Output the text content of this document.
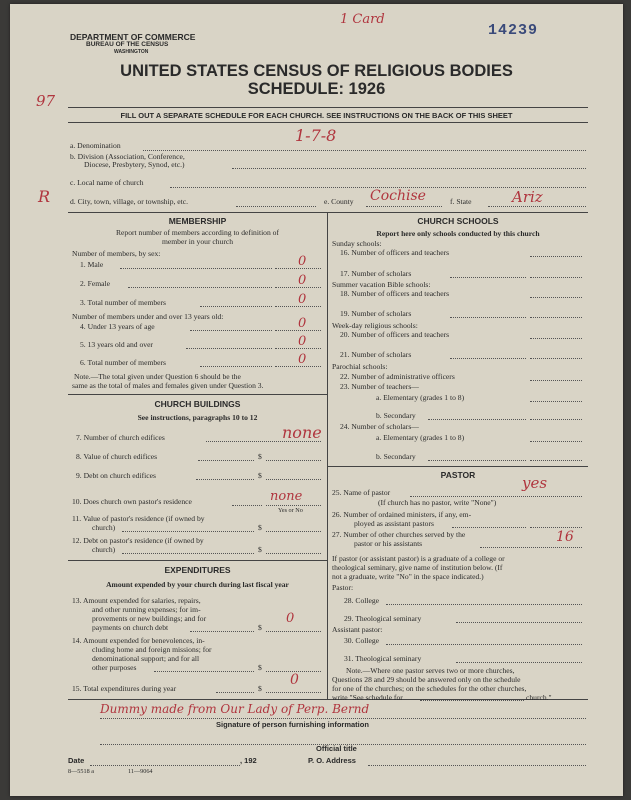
DEPARTMENT OF COMMERCE
BUREAU OF THE CENSUS
WASHINGTON
14239
1 Card
UNITED STATES CENSUS OF RELIGIOUS BODIES
SCHEDULE: 1926
97
FILL OUT A SEPARATE SCHEDULE FOR EACH CHURCH. SEE INSTRUCTIONS ON THE BACK OF THIS SHEET
a. Denomination
1-7-8
b. Division (Association, Conference,
Diocese, Presbytery, Synod, etc.)
c. Local name of church
R	d. City, town, village, or township, etc.	e. County Cochise	f. State	Ariz
MEMBERSHIP
Report number of members according to definition of
member in your church
Number of members, by sex:
1. Male	0
2. Female	0
3. Total number of members	0
Number of members under and over 13 years old:
4. Under 13 years of age	0
5. 13 years old and over	0
6. Total number of members	0
Note.—The total given under Question 6 should be the
same as the total of males and females given under Question 3.
CHURCH BUILDINGS
See instructions, paragraphs 10 to 12
7. Number of church edifices	none
8. Value of church edifices	$
9. Debt on church edifices	$
10. Does church own pastor's residence	none
Yes or No
11. Value of pastor's residence (if owned by
church)	$
12. Debt on pastor's residence (if owned by
church)	$
EXPENDITURES
Amount expended by your church during last fiscal year
13. Amount expended for salaries, repairs,
and other running expenses; for im-
provements or new buildings; and for
payments on church debt	$
0
14. Amount expended for benevolences, in-
cluding home and foreign missions; for
denominational support; and for all
other purposes	$
15. Total expenditures during year	$
0
CHURCH SCHOOLS
Report here only schools conducted by this church
Sunday schools:
16. Number of officers and teachers
17. Number of scholars
Summer vacation Bible schools:
18. Number of officers and teachers
19. Number of scholars
Week-day religious schools:
20. Number of officers and teachers
21. Number of scholars
Parochial schools:
22. Number of administrative officers
23. Number of teachers—
a. Elementary (grades 1 to 8)
b. Secondary
24. Number of scholars—
a. Elementary (grades 1 to 8)
b. Secondary
PASTOR
25. Name of pastor
yes
(If church has no pastor, write "None")
26. Number of ordained ministers, if any, em-
ployed as assistant pastors
27. Number of other churches served by the
pastor or his assistants	16
If pastor (or assistant pastor) is a graduate of a college or
theological seminary, give name of institution below. (If
not a graduate, write "No" in the space indicated.)
Pastor:
28. College
29. Theological seminary
Assistant pastor:
30. College
31. Theological seminary
Note.—Where one pastor serves two or more churches,
Questions 28 and 29 should be answered only on the schedule
for one of the churches; on the schedules for the other churches,
write "See schedule for	church."
Dummy made from Our Lady of Perp. Bernd
Signature of person furnishing information
Official title
Date	, 192	P. O. Address
8—5518 a	11—9064
